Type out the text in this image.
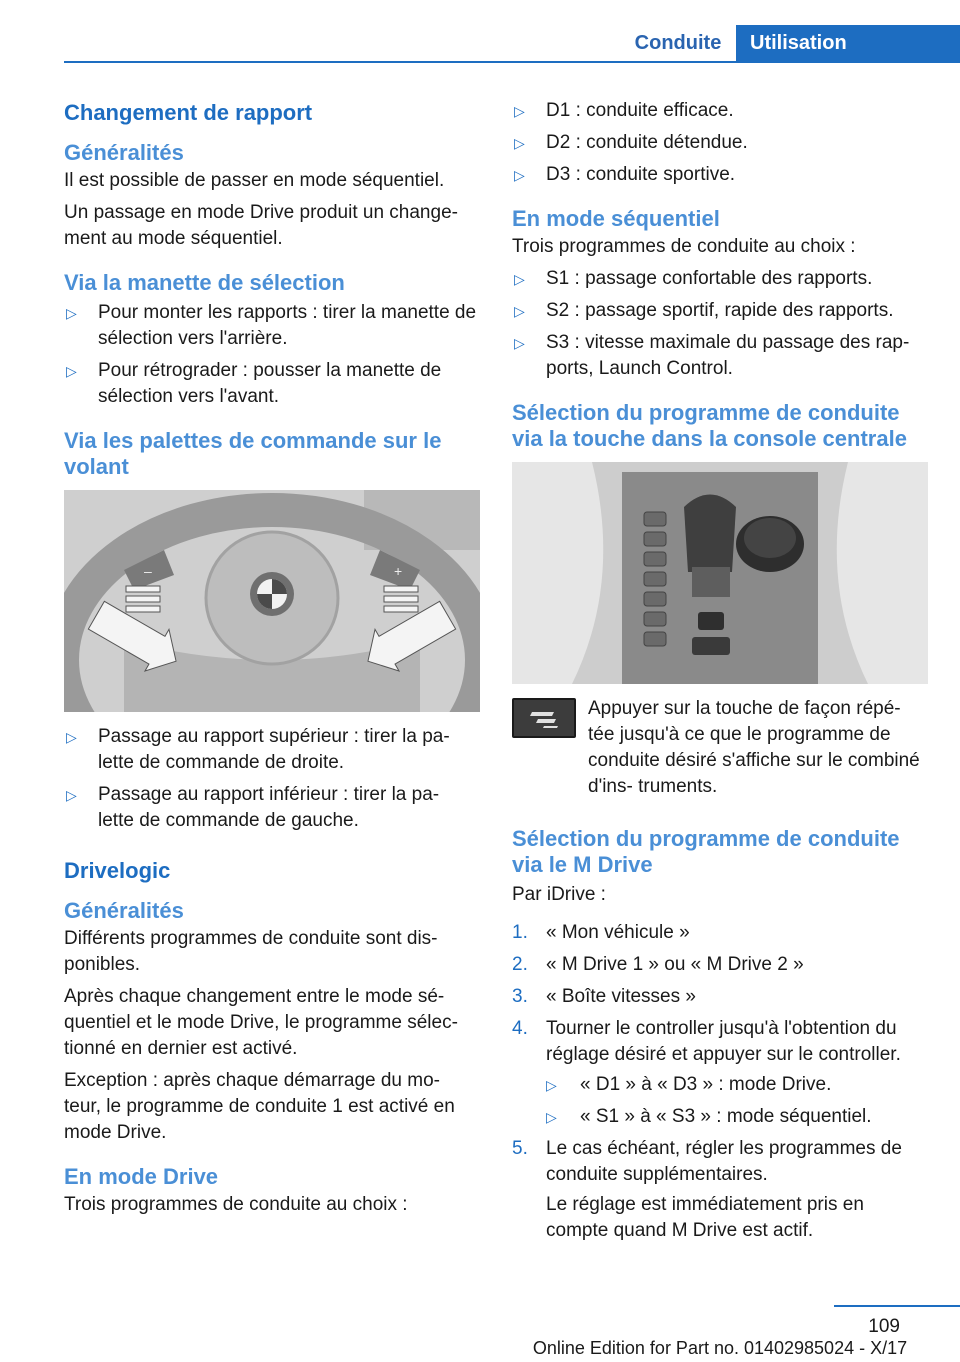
Conduite	Utilisation
Changement de rapport
Généralités

Il est possible de passer en mode séquentiel.

Un passage en mode Drive produit un change- ment au mode séquentiel.

Via la manette de sélection
▷ Pour monter les rapports : tirer la manette de sélection vers l'arrière.
▷ Pour rétrograder : pousser la manette de sélection vers l'avant.
Via les palettes de commande sur le volant
–	+
▷ Passage au rapport supérieur : tirer la pa- lette de commande de droite.
▷ Passage au rapport inférieur : tirer la pa- lette de commande de gauche.
Drivelogic
Généralités

Différents programmes de conduite sont dis- ponibles.

Après chaque changement entre le mode sé- quentiel et le mode Drive, le programme sélec- tionné en dernier est activé.

Exception : après chaque démarrage du mo- teur, le programme de conduite 1 est activé en mode Drive.

En mode Drive

Trois programmes de conduite au choix :

▷ D1 : conduite efficace.
▷ D2 : conduite détendue.
▷ D3 : conduite sportive.
En mode séquentiel

Trois programmes de conduite au choix :

▷ S1 : passage confortable des rapports.
▷ S2 : passage sportif, rapide des rapports.
▷ S3 : vitesse maximale du passage des rap- ports, Launch Control.
Sélection du programme de conduite via la touche dans la console centrale

Appuyer sur la touche de façon répé- tée jusqu'à ce que le programme de conduite désiré s'affiche sur le combiné d'ins- truments.

Sélection du programme de conduite via le M Drive

Par iDrive :

1. « Mon véhicule »
2. « M Drive 1 » ou « M Drive 2 »
3. « Boîte vitesses »
4. Tourner le controller jusqu'à l'obtention du réglage désiré et appuyer sur le controller.
▷ « D1 » à « D3 » : mode Drive.
▷ « S1 » à « S3 » : mode séquentiel.
5. Le cas échéant, régler les programmes de conduite supplémentaires.
Le réglage est immédiatement pris en compte quand M Drive est actif.
109
Online Edition for Part no. 01402985024 - X/17
